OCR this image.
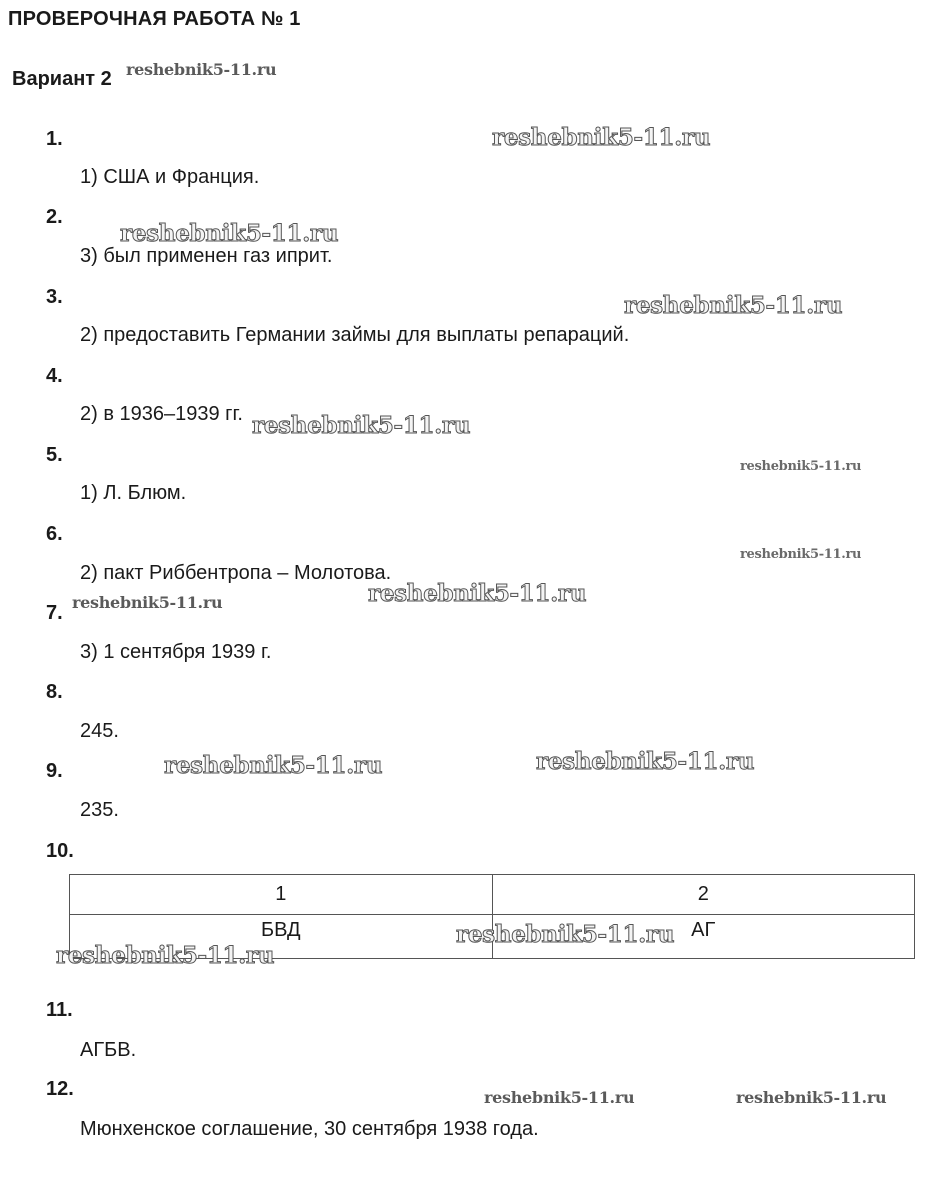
ПРОВЕРОЧНАЯ РАБОТА № 1
Вариант 2
1.
2.
3.
4.
5.
6.
7.
8.
9.
10.
11.
12.
1) США и Франция.
3) был применен газ иприт.
2) предоставить Германии займы для выплаты репараций.
2) в 1936–1939 гг.
1) Л. Блюм.
2) пакт Риббентропа – Молотова.
3) 1 сентября 1939 г.
245.
235.
АГБВ.
Мюнхенское соглашение, 30 сентября 1938 года.
1	2
БВД	АГ
reshebnik5-11.ru
reshebnik5-11.ru
reshebnik5-11.ru
reshebnik5-11.ru
reshebnik5-11.ru
reshebnik5-11.ru
reshebnik5-11.ru
reshebnik5-11.ru
reshebnik5-11.ru
reshebnik5-11.ru	reshebnik5-11.ru
reshebnik5-11.ru
reshebnik5-11.ru
reshebnik5-11.ru	reshebnik5-11.ru
